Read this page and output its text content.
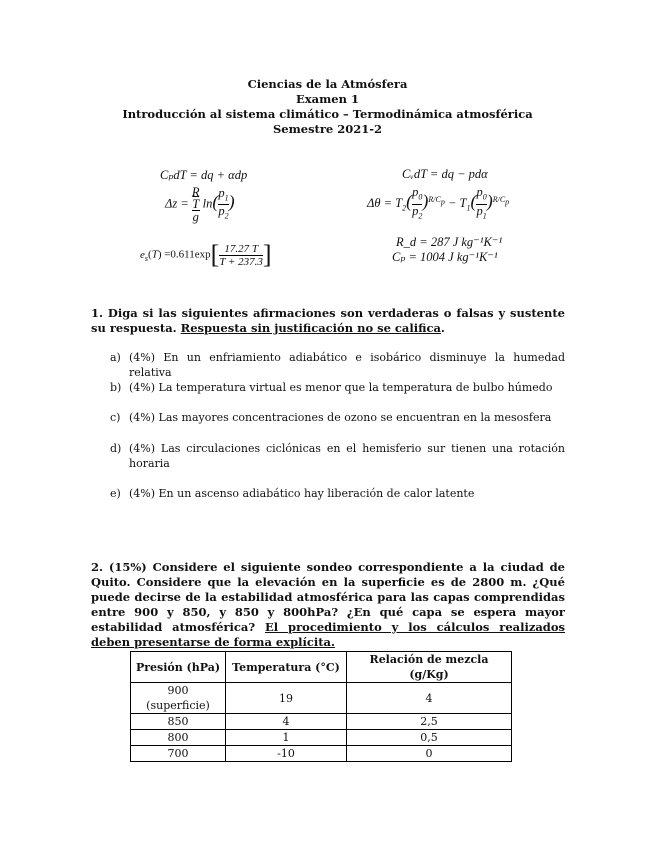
Ciencias de la Atmósfera
Examen 1
Introducción al sistema climático – Termodinámica atmosférica
Semestre 2021-2
CₚdT = dq + αdp	CᵥdT = dq − pdα
Δz = R
$\overline{T}$
g $\ln( \frac{p_1}{p_2}$ )	$\Delta\theta = T_2( \frac{p_0}{p_2} )^{R/C_p} - T_1( \frac{p_0}{p_1} )^{R/C_p}$
$e_s(T) =0.611\exp[ \frac{17.27 T}{T + 237.3}$ ]	R_d = 287 J kg⁻¹K⁻¹
Cₚ = 1004 J kg⁻¹K⁻¹
1. Diga si las siguientes afirmaciones son verdaderas o falsas y sustente su respuesta. Respuesta sin justificación no se califica.
a) (4%) En un enfriamiento adiabático e isobárico disminuye la humedad relativa
b) (4%) La temperatura virtual es menor que la temperatura de bulbo húmedo
c) (4%) Las mayores concentraciones de ozono se encuentran en la mesosfera
d) (4%) Las circulaciones ciclónicas en el hemisferio sur tienen una rotación horaria
e) (4%) En un ascenso adiabático hay liberación de calor latente
2. (15%) Considere el siguiente sondeo correspondiente a la ciudad de Quito. Considere que la elevación en la superficie es de 2800 m. ¿Qué puede decirse de la estabilidad atmosférica para las capas comprendidas entre 900 y 850, y 850 y 800hPa? ¿En qué capa se espera mayor estabilidad atmosférica? El procedimiento y los cálculos realizados deben presentarse de forma explícita.
Presión (hPa)	Temperatura (°C)	Relación de mezcla (g/Kg)
900 (superficie)	19	4
850	4	2,5
800	1	0,5
700	-10	0
